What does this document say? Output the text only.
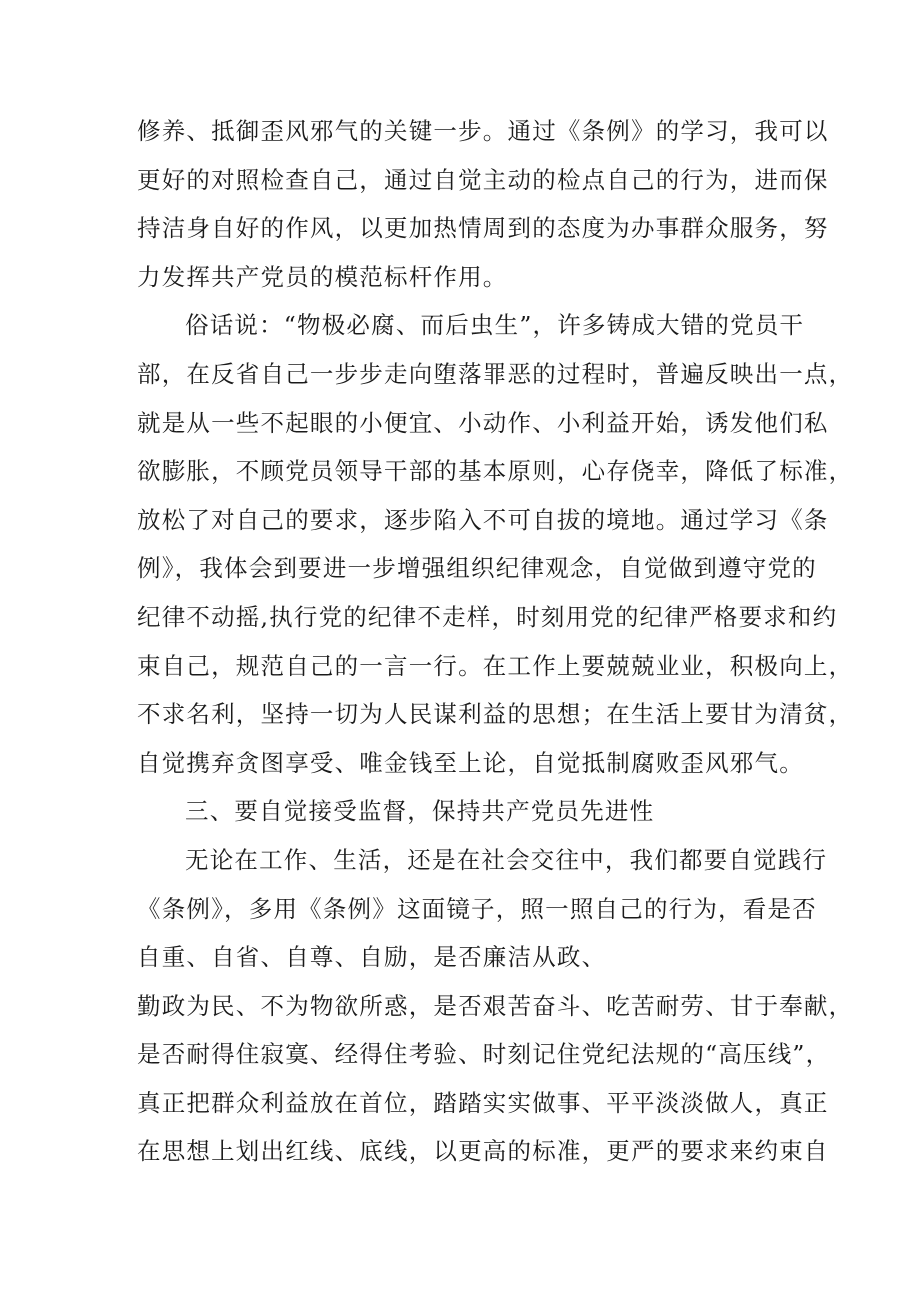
修养、抵御歪风邪气的关键一步。通过《条例》的学习，我可以
更好的对照检查自己，通过自觉主动的检点自己的行为，进而保
持洁身自好的作风，以更加热情周到的态度为办事群众服务，努
力发挥共产党员的模范标杆作用。
俗话说：“物极必腐、而后虫生”，许多铸成大错的党员干
部，在反省自己一步步走向堕落罪恶的过程时，普遍反映出一点，
就是从一些不起眼的小便宜、小动作、小利益开始，诱发他们私
欲膨胀，不顾党员领导干部的基本原则，心存侥幸，降低了标准，
放松了对自己的要求，逐步陷入不可自拔的境地。通过学习《条
例》，我体会到要进一步增强组织纪律观念，自觉做到遵守党的
纪律不动摇,执行党的纪律不走样，时刻用党的纪律严格要求和约
束自己，规范自己的一言一行。在工作上要兢兢业业，积极向上，
不求名利，坚持一切为人民谋利益的思想；在生活上要甘为清贫，
自觉携弃贪图享受、唯金钱至上论，自觉抵制腐败歪风邪气。
三、要自觉接受监督，保持共产党员先进性
无论在工作、生活，还是在社会交往中，我们都要自觉践行
《条例》，多用《条例》这面镜子，照一照自己的行为，看是否
自重、自省、自尊、自励，是否廉洁从政、
勤政为民、不为物欲所惑，是否艰苦奋斗、吃苦耐劳、甘于奉献，
是否耐得住寂寞、经得住考验、时刻记住党纪法规的“高压线”，
真正把群众利益放在首位，踏踏实实做事、平平淡淡做人，真正
在思想上划出红线、底线，以更高的标准，更严的要求来约束自
